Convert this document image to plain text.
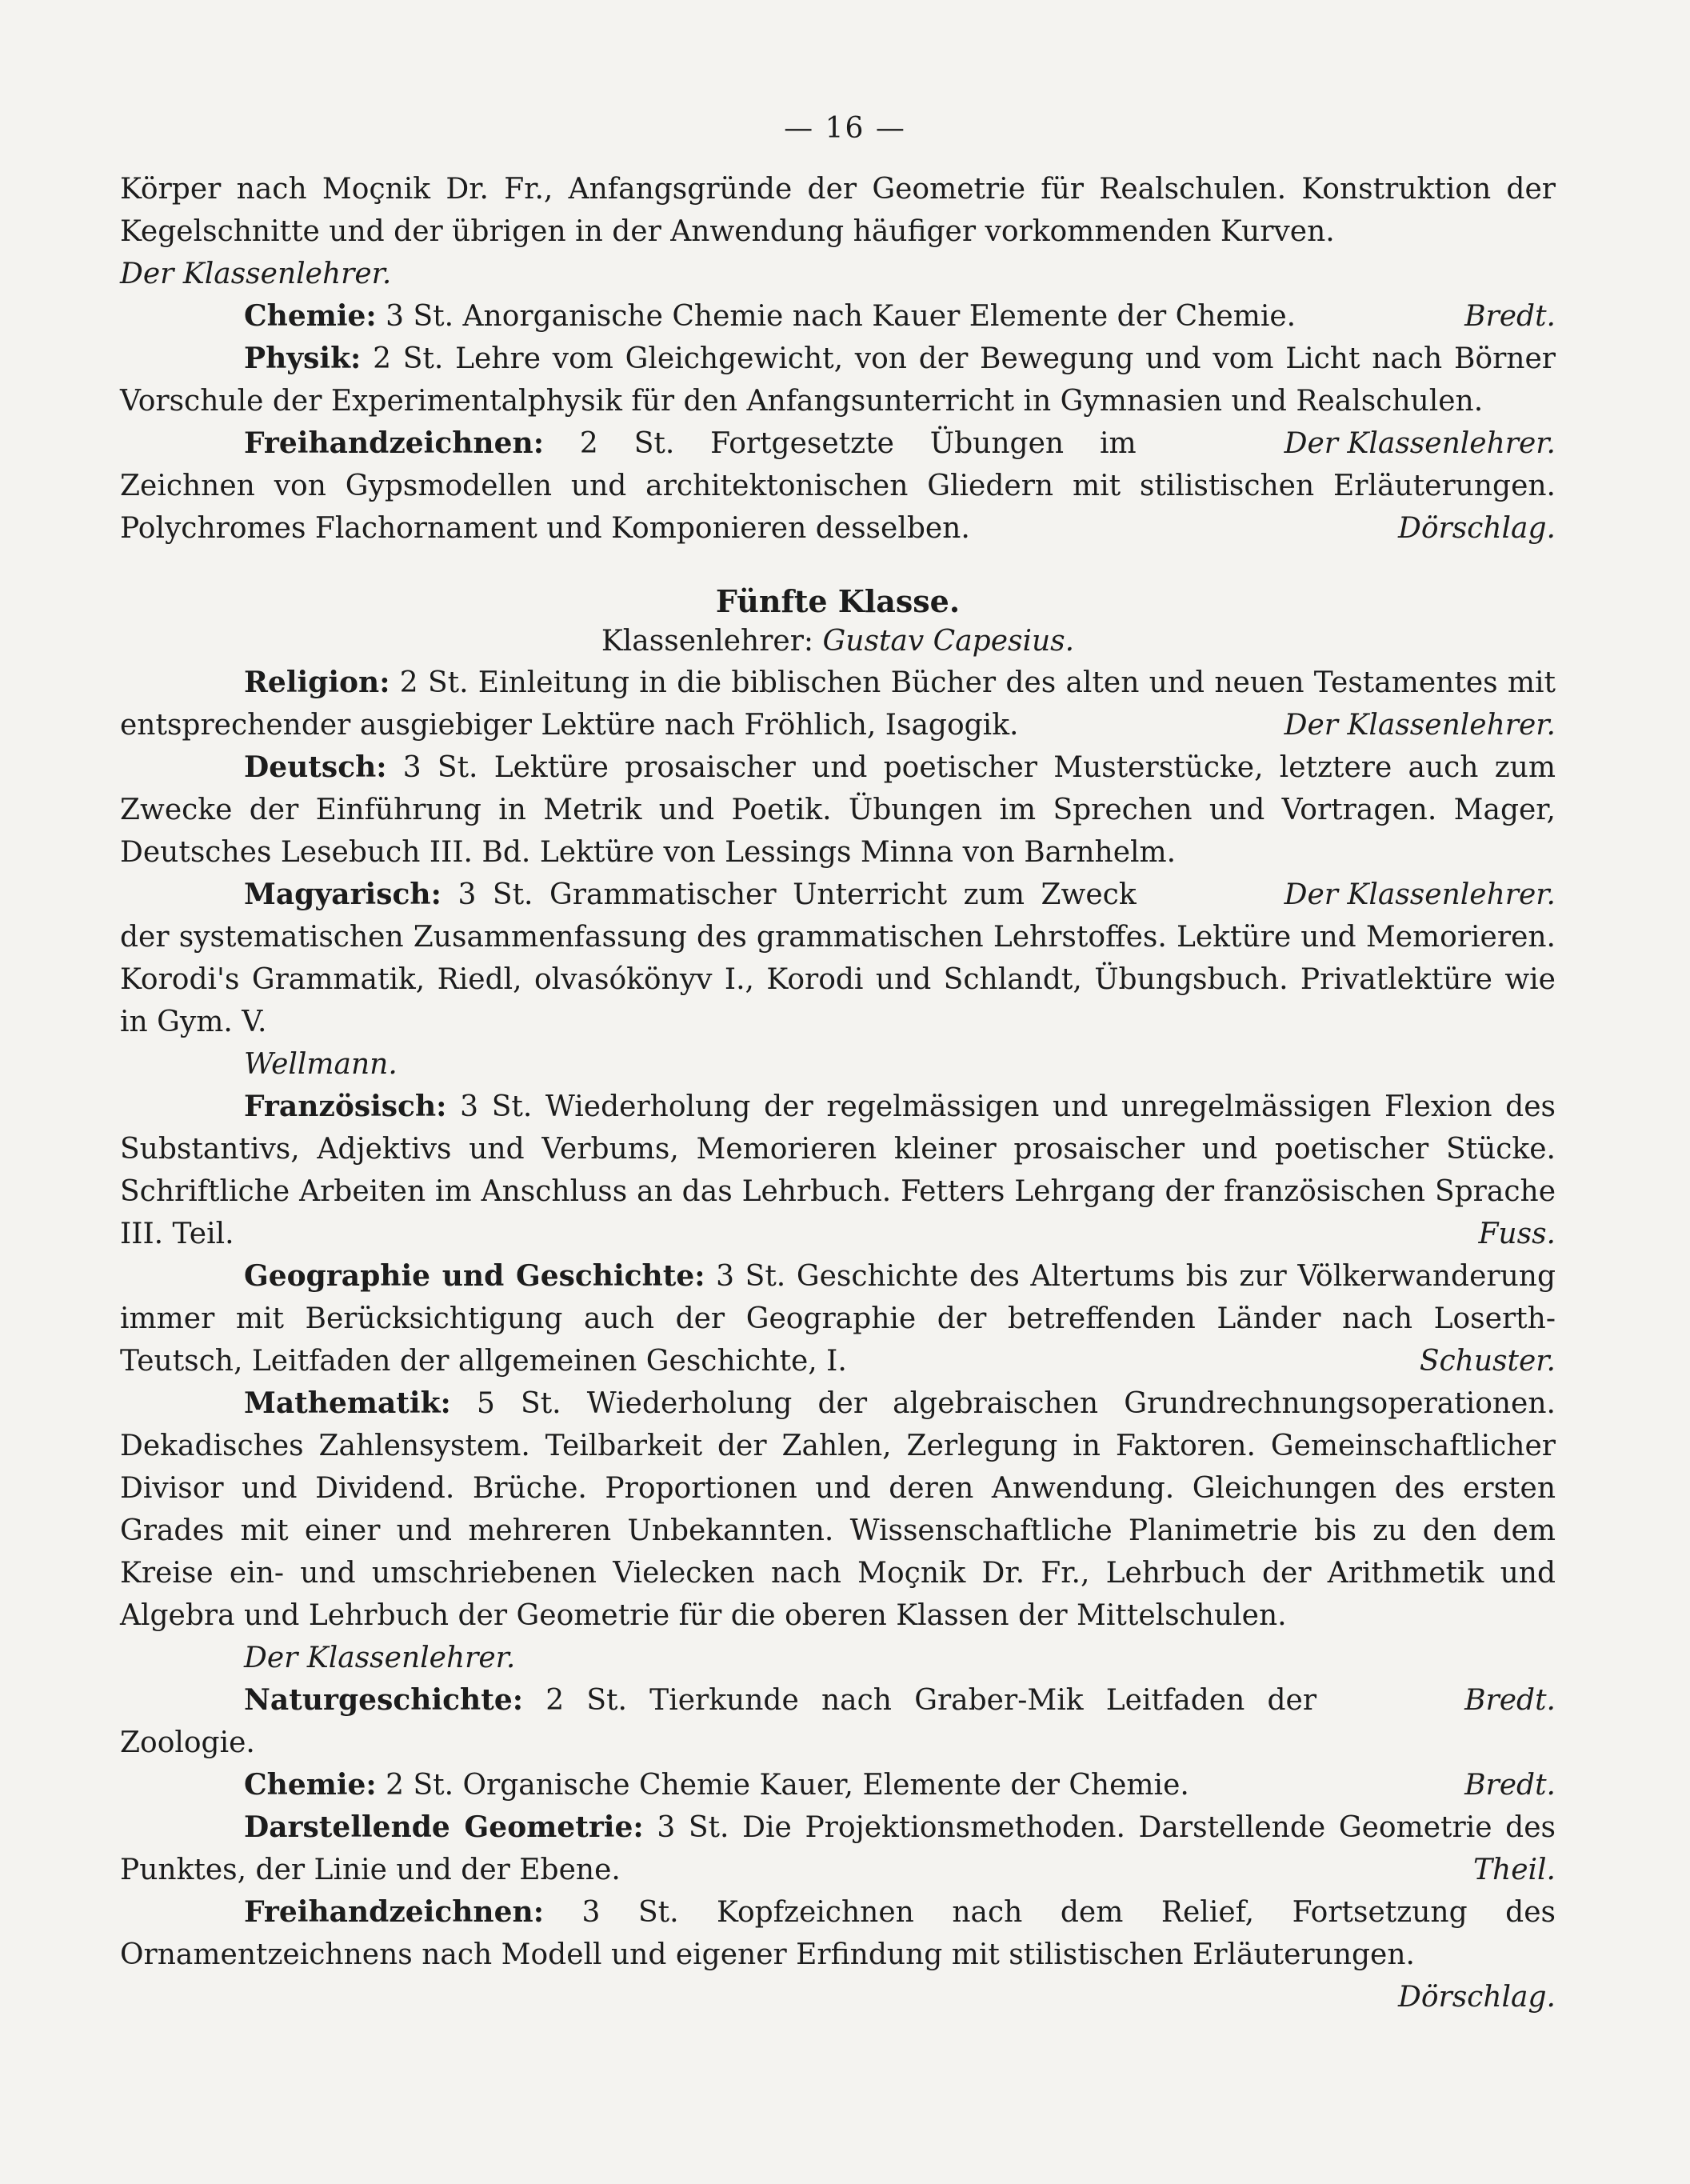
— 16 —

Körper nach Moçnik Dr. Fr., Anfangsgründe der Geometrie für Realschulen. Konstruktion der Kegelschnitte und der übrigen in der Anwendung häufiger vorkommenden Kurven.
Der Klassenlehrer.

Bredt.
Chemie: 3 St. Anorganische Chemie nach Kauer Elemente der Chemie.

Physik: 2 St. Lehre vom Gleichgewicht, von der Bewegung und vom Licht nach Börner Vorschule der Experimentalphysik für den Anfangsunterricht in Gymnasien und Realschulen.
Der Klassenlehrer.

Freihandzeichnen: 2 St. Fortgesetzte Übungen im Zeichnen von Gypsmodellen und architektonischen Gliedern mit stilistischen Erläuterungen. Polychromes Flachornament und Komponieren desselben.	Dörschlag.

Fünfte Klasse.
Klassenlehrer: Gustav Capesius.

Religion: 2 St. Einleitung in die biblischen Bücher des alten und neuen Testamentes mit entsprechender ausgiebiger Lektüre nach Fröhlich, Isagogik.	Der Klassenlehrer.

Deutsch: 3 St. Lektüre prosaischer und poetischer Musterstücke, letztere auch zum Zwecke der Einführung in Metrik und Poetik. Übungen im Sprechen und Vortragen. Mager, Deutsches Lesebuch III. Bd. Lektüre von Lessings Minna von Barnhelm.
Der Klassenlehrer.

Magyarisch: 3 St. Grammatischer Unterricht zum Zweck der systematischen Zusammenfassung des grammatischen Lehrstoffes. Lektüre und Memorieren. Korodi's Grammatik, Riedl, olvasókönyv I., Korodi und Schlandt, Übungsbuch. Privatlektüre wie in Gym. V.
Wellmann.

Französisch: 3 St. Wiederholung der regelmässigen und unregelmässigen Flexion des Substantivs, Adjektivs und Verbums, Memorieren kleiner prosaischer und poetischer Stücke. Schriftliche Arbeiten im Anschluss an das Lehrbuch. Fetters Lehrgang der französischen Sprache III. Teil.	Fuss.

Geographie und Geschichte: 3 St. Geschichte des Altertums bis zur Völkerwanderung immer mit Berücksichtigung auch der Geographie der betreffenden Länder nach Loserth-Teutsch, Leitfaden der allgemeinen Geschichte, I.	Schuster.

Mathematik: 5 St. Wiederholung der algebraischen Grundrechnungsoperationen. Dekadisches Zahlensystem. Teilbarkeit der Zahlen, Zerlegung in Faktoren. Gemeinschaftlicher Divisor und Dividend. Brüche. Proportionen und deren Anwendung. Gleichungen des ersten Grades mit einer und mehreren Unbekannten. Wissenschaftliche Planimetrie bis zu den dem Kreise ein- und umschriebenen Vielecken nach Moçnik Dr. Fr., Lehrbuch der Arithmetik und Algebra und Lehrbuch der Geometrie für die oberen Klassen der Mittelschulen.
Der Klassenlehrer.

Bredt.
Naturgeschichte: 2 St. Tierkunde nach Graber-Mik Leitfaden der Zoologie.

Bredt.
Chemie: 2 St. Organische Chemie Kauer, Elemente der Chemie.

Darstellende Geometrie: 3 St. Die Projektionsmethoden. Darstellende Geometrie des Punktes, der Linie und der Ebene.	Theil.

Freihandzeichnen: 3 St. Kopfzeichnen nach dem Relief, Fortsetzung des Ornamentzeichnens nach Modell und eigener Erfindung mit stilistischen Erläuterungen.
Dörschlag.
